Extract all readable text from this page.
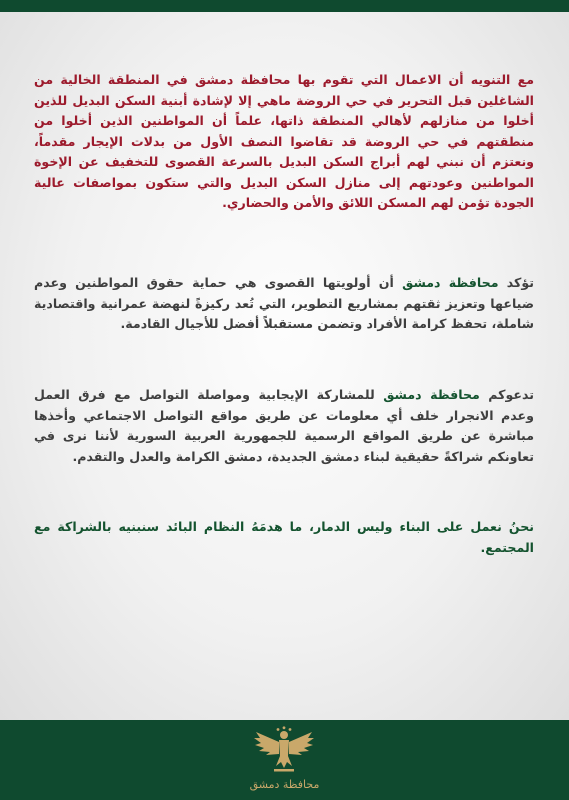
مع التنويه أن الاعمال التي تقوم بها محافظة دمشق في المنطقة الخالية من الشاغلين قبل التحرير في حي الروضة ماهي إلا لإشادة أبنية السكن البديل للذين أخلوا من منازلهم لأهالي المنطقة ذاتها، علماً أن المواطنين الذين أخلوا من منطقتهم في حي الروضة قد تقاضوا النصف الأول من بدلات الإيجار مقدماً، ونعتزم أن نبني لهم أبراج السكن البديل بالسرعة القصوى للتخفيف عن الإخوة المواطنين وعودتهم إلى منازل السكن البديل والتي ستكون بمواصفات عالية الجودة تؤمن لهم المسكن اللائق والأمن والحضاري.

تؤكد محافظة دمشق أن أولويتها القصوى هي حماية حقوق المواطنين وعدم ضياعها وتعزيز ثقتهم بمشاريع التطوير، التي تُعد ركيزةً لنهضة عمرانية واقتصادية شاملة، تحفظ كرامة الأفراد وتضمن مستقبلاً أفضل للأجيال القادمة.

تدعوكم محافظة دمشق للمشاركة الإيجابية ومواصلة التواصل مع فرق العمل وعدم الانجرار خلف أي معلومات عن طريق مواقع التواصل الاجتماعي وأخذها مباشرة عن طريق المواقع الرسمية للجمهورية العربية السورية لأننا نرى في تعاونكم شراكةً حقيقية لبناء دمشق الجديدة، دمشق الكرامة والعدل والتقدم.

نحنُ نعمل على البناء وليس الدمار، ما هدمَهُ النظام البائد سنبنيه بالشراكة مع المجتمع.

محافظة دمشق
